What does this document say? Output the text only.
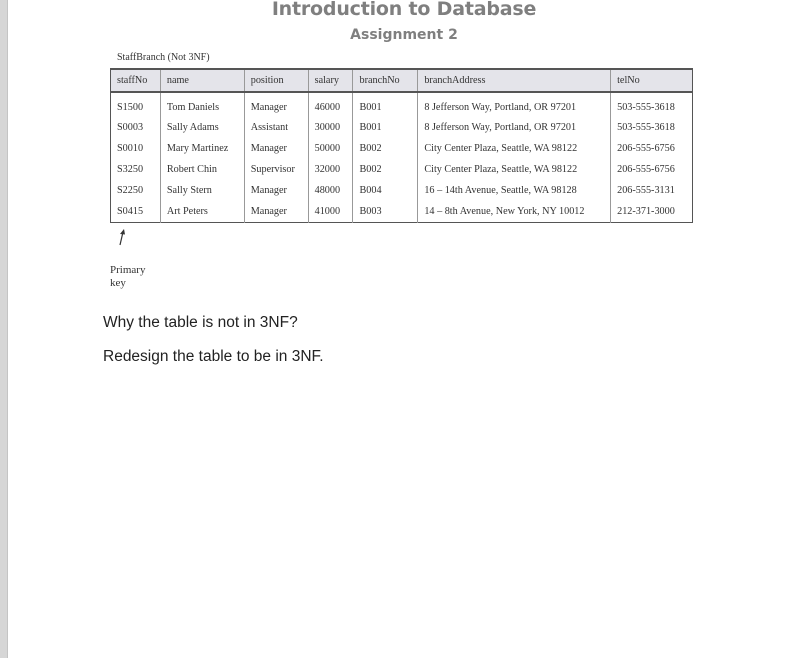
Introduction to Database
Assignment 2
StaffBranch (Not 3NF)
staffNo	name	position	salary	branchNo	branchAddress	telNo
S1500	Tom Daniels	Manager	46000	B001	8 Jefferson Way, Portland, OR 97201	503-555-3618
S0003	Sally Adams	Assistant	30000	B001	8 Jefferson Way, Portland, OR 97201	503-555-3618
S0010	Mary Martinez	Manager	50000	B002	City Center Plaza, Seattle, WA 98122	206-555-6756
S3250	Robert Chin	Supervisor	32000	B002	City Center Plaza, Seattle, WA 98122	206-555-6756
S2250	Sally Stern	Manager	48000	B004	16 – 14th Avenue, Seattle, WA 98128	206-555-3131
S0415	Art Peters	Manager	41000	B003	14 – 8th Avenue, New York, NY 10012	212-371-3000
Primary
key
Why the table is not in 3NF?
Redesign the table to be in 3NF.
